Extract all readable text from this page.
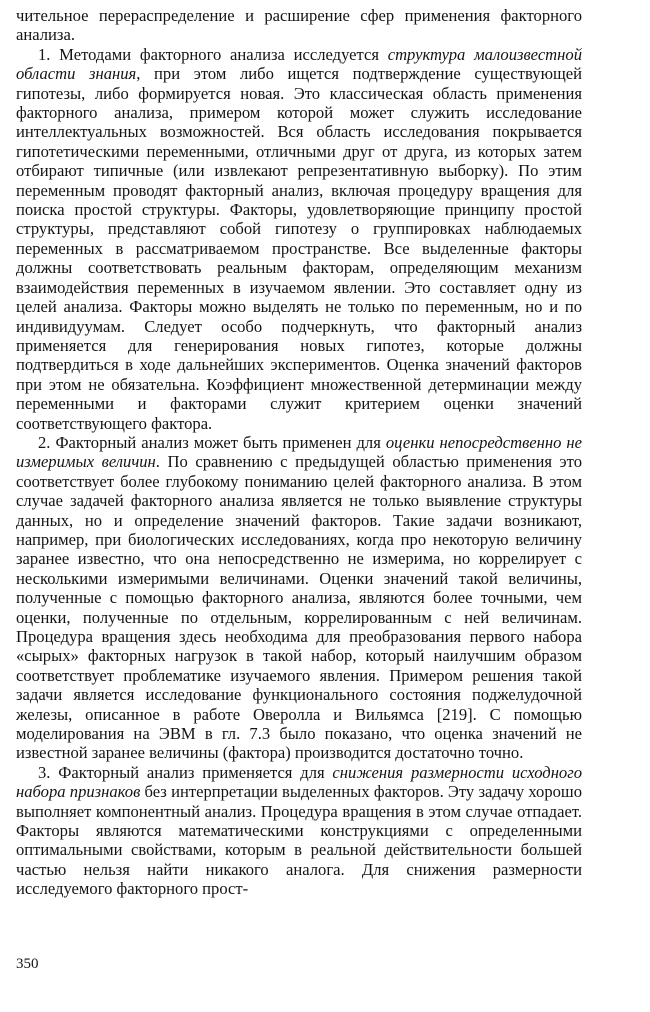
чительное перераспределение и расширение сфер применения факторного анализа.

1. Методами факторного анализа исследуется структура малоизвестной области знания, при этом либо ищется подтверждение существующей гипотезы, либо формируется новая. Это классическая область применения факторного анализа, примером которой может служить исследование интеллектуальных возможностей. Вся область исследования покрывается гипотетическими переменными, отличными друг от друга, из которых затем отбирают типичные (или извлекают репрезентативную выборку). По этим переменным проводят факторный анализ, включая процедуру вращения для поиска простой структуры. Факторы, удовлетворяющие принципу простой структуры, представляют собой гипотезу о группировках наблюдаемых переменных в рассматриваемом пространстве. Все выделенные факторы должны соответствовать реальным факторам, определяющим механизм взаимодействия переменных в изучаемом явлении. Это составляет одну из целей анализа. Факторы можно выделять не только по переменным, но и по индивидуумам. Следует особо подчеркнуть, что факторный анализ применяется для генерирования новых гипотез, которые должны подтвердиться в ходе дальнейших экспериментов. Оценка значений факторов при этом не обязательна. Коэффициент множественной детерминации между переменными и факторами служит критерием оценки значений соответствующего фактора.

2. Факторный анализ может быть применен для оценки непосредственно не измеримых величин. По сравнению с предыдущей областью применения это соответствует более глубокому пониманию целей факторного анализа. В этом случае задачей факторного анализа является не только выявление структуры данных, но и определение значений факторов. Такие задачи возникают, например, при биологических исследованиях, когда про некоторую величину заранее известно, что она непосредственно не измерима, но коррелирует с несколькими измеримыми величинами. Оценки значений такой величины, полученные с помощью факторного анализа, являются более точными, чем оценки, полученные по отдельным, коррелированным с ней величинам. Процедура вращения здесь необходима для преобразования первого набора «сырых» факторных нагрузок в такой набор, который наилучшим образом соответствует проблематике изучаемого явления. Примером решения такой задачи является исследование функционального состояния поджелудочной железы, описанное в работе Оверолла и Вильямса [219]. С помощью моделирования на ЭВМ в гл. 7.3 было показано, что оценка значений не известной заранее величины (фактора) производится достаточно точно.

3. Факторный анализ применяется для снижения размерности исходного набора признаков без интерпретации выделенных факторов. Эту задачу хорошо выполняет компонентный анализ. Процедура вращения в этом случае отпадает. Факторы являются математическими конструкциями с определенными оптимальными свойствами, которым в реальной действительности большей частью нельзя найти никакого аналога. Для снижения размерности исследуемого факторного прост-

350
